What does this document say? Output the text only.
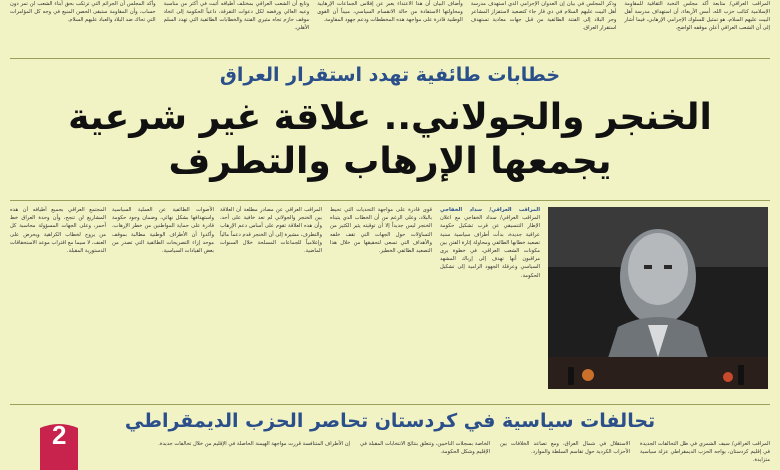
المراقب العراقي/ متابعة أكد مجلس النخبة الثقافية للمقاومة الإسلامية كتائب حزب الله، أمس الأربعاء، أن استهداف مدرسة أهل البيت عليهم السلام، هو تمثيل للسلوك الإجرامي الإرهابي، فيما أشار إلى أن الشعب العراقي أعلن موقفه الواضح.
وذكر المجلس في بيان إن العدوان الإجرامي الذي استهدف مدرسة أهل البيت عليهم السلام في ذي قار جاء كتصعيد لاستفزاز المشاعر وجر البلاد إلى الفتنة الطائفية من قبل جهات معادية تستهدف استقرار العراق.
وأضاف البيان أن هذا الاعتداء يعبر عن إفلاس الجماعات الإرهابية ومحاولتها الاستفادة من حالة الانقسام السياسي، مبيناً أن القوى الوطنية قادرة على مواجهة هذه المخططات ودعم جهود المقاومة.
وتابع أن الشعب العراقي بمختلف أطيافه أثبت في أكثر من مناسبة وعيه العالي ورفضه لكل دعوات التفرقة، داعياً الحكومة إلى اتخاذ موقف حازم تجاه مثيري الفتنة والخطابات الطائفية التي تهدد السلم الأهلي.
وأكد المجلس أن الجرائم التي ترتكب بحق أبناء الشعب لن تمر دون حساب، وأن المقاومة ستبقى الحصن المنيع في وجه كل المؤامرات التي تحاك ضد البلاد والعباد عليهم السلام.
خطابات طائفية تهدد استقرار العراق
الخنجر والجولاني.. علاقة غير شرعية
يجمعها الإرهاب والتطرف
المراقب العراقي/ سداد الخفاجي المراقب العراقي/ سداد الخفاجي مع اعلان الإطار التنسيقي عن قرب تشكيل حكومة عراقية جديدة، بدأت أطراف سياسية سنية تصعيد خطابها الطائفي ومحاولة إثارة الفتن بين مكونات الشعب العراقي، في خطوة يرى مراقبون أنها تهدف إلى إرباك المشهد السياسي وعرقلة الجهود الرامية إلى تشكيل الحكومة.
قوى قادرة على مواجهة التحديات التي تحيط بالبلاد، وعلى الرغم من أن الخطاب الذي يتبناه الخنجر ليس جديداً إلا أن توقيته يثير الكثير من التساؤلات حول الجهات التي تقف خلفه والأهداف التي تسعى لتحقيقها من خلال هذا التصعيد الطائفي الخطير.
المراقب العراقي عن مصادر مطلعة أن العلاقة بين الخنجر والجولاني لم تعد خافية على أحد، وأن هذه العلاقة تقوم على أساس دعم الإرهاب والتطرف، مشيرة إلى أن الخنجر قدم دعماً مالياً وإعلامياً للجماعات المسلحة خلال السنوات الماضية.
الأصوات الطائفية عن العملية السياسية واستهدافها بشكل نهائي، وضمان وجود حكومة قادرة على حماية المواطنين من خطر الإرهاب، وأكدوا أن الأطراف الوطنية مطالبة بموقف موحد إزاء التصريحات الطائفية التي تصدر من بعض القيادات السياسية.
المجتمع العراقي بجميع أطيافه أن هذه المشاريع لن تنجح، وأن وحدة العراق خط أحمر، وعلى الجهات المسؤولة محاسبة كل من يروج لخطاب الكراهية ويحرض على العنف، لا سيما مع اقتراب موعد الاستحقاقات الدستورية المقبلة.
تحالفات سياسية في كردستان تحاصر الحزب الديمقراطي
المراقب العراقي/ سيف الشمري في ظل التحالفات الجديدة في إقليم كردستان، يواجه الحزب الديمقراطي عزلة سياسية متزايدة.
الاستقلال في شمال العراق، ومع تصاعد الخلافات بين الأحزاب الكردية حول تقاسم السلطة والموارد.
الخاصة بسجلات الناخبين، وتتعلق بنتائج الانتخابات المقبلة في الإقليم وشكل الحكومة.
إن الأطراف المتنافسة قررت مواجهة الهيمنة الحاصلة في الإقليم من خلال تحالفات جديدة.
2
